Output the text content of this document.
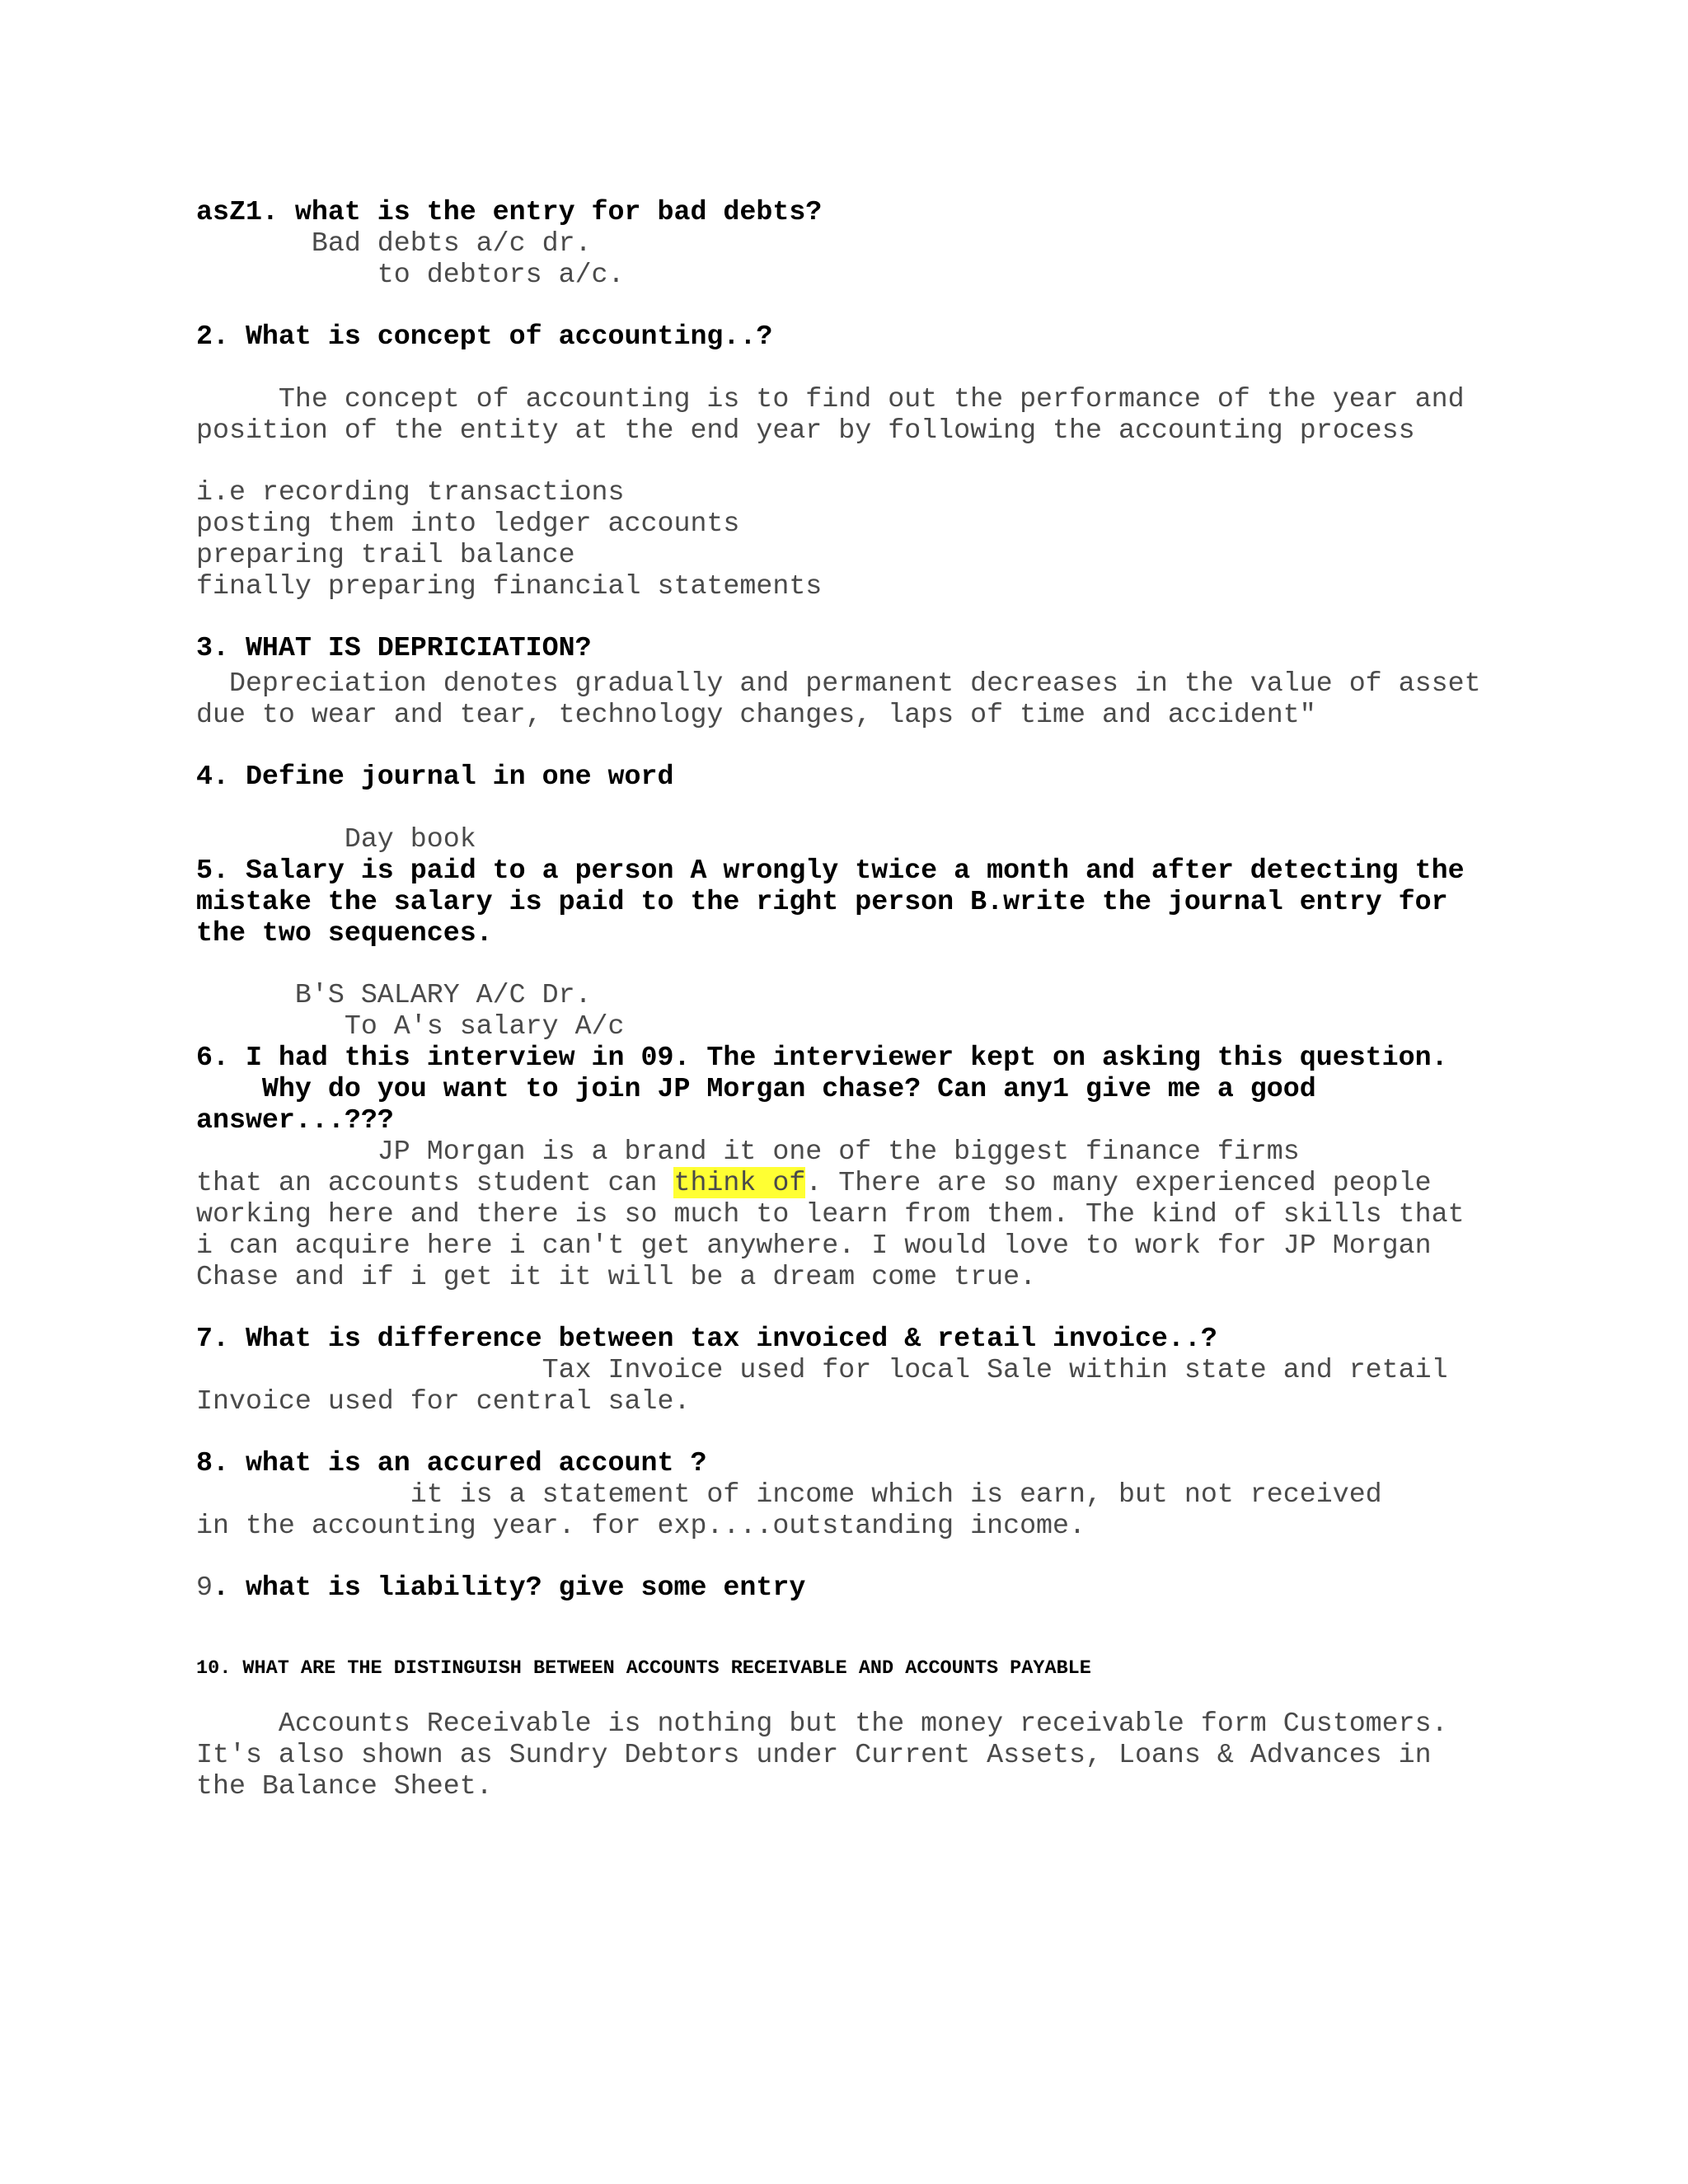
asZ1. what is the entry for bad debts?

Bad debts a/c dr.

to debtors a/c.

2. What is concept of accounting..?

The concept of accounting is to find out the performance of the year and

position of the entity at the end year by following the accounting process

i.e recording transactions

posting them into ledger accounts

preparing trail balance

finally preparing financial statements

3. WHAT IS DEPRICIATION?

Depreciation denotes gradually and permanent decreases in the value of asset

due to wear and tear, technology changes, laps of time and accident"

4. Define journal in one word

Day book

5. Salary is paid to a person A wrongly twice a month and after detecting the

mistake the salary is paid to the right person B.write the journal entry for

the two sequences.

B'S SALARY A/C Dr.

To A's salary A/c

6. I had this interview in 09. The interviewer kept on asking this question.

Why do you want to join JP Morgan chase? Can any1 give me a good

answer...???

JP Morgan is a brand it one of the biggest finance firms

that an accounts student can think of. There are so many experienced people

working here and there is so much to learn from them. The kind of skills that

i can acquire here i can't get anywhere. I would love to work for JP Morgan

Chase and if i get it it will be a dream come true.

7. What is difference between tax invoiced & retail invoice..?

Tax Invoice used for local Sale within state and retail

Invoice used for central sale.

8. what is an accured account ?

it is a statement of income which is earn, but not received

in the accounting year. for exp....outstanding income.

9. what is liability? give some entry

10. WHAT ARE THE DISTINGUISH BETWEEN ACCOUNTS RECEIVABLE AND ACCOUNTS PAYABLE

Accounts Receivable is nothing but the money receivable form Customers.

It's also shown as Sundry Debtors under Current Assets, Loans & Advances in

the Balance Sheet.
